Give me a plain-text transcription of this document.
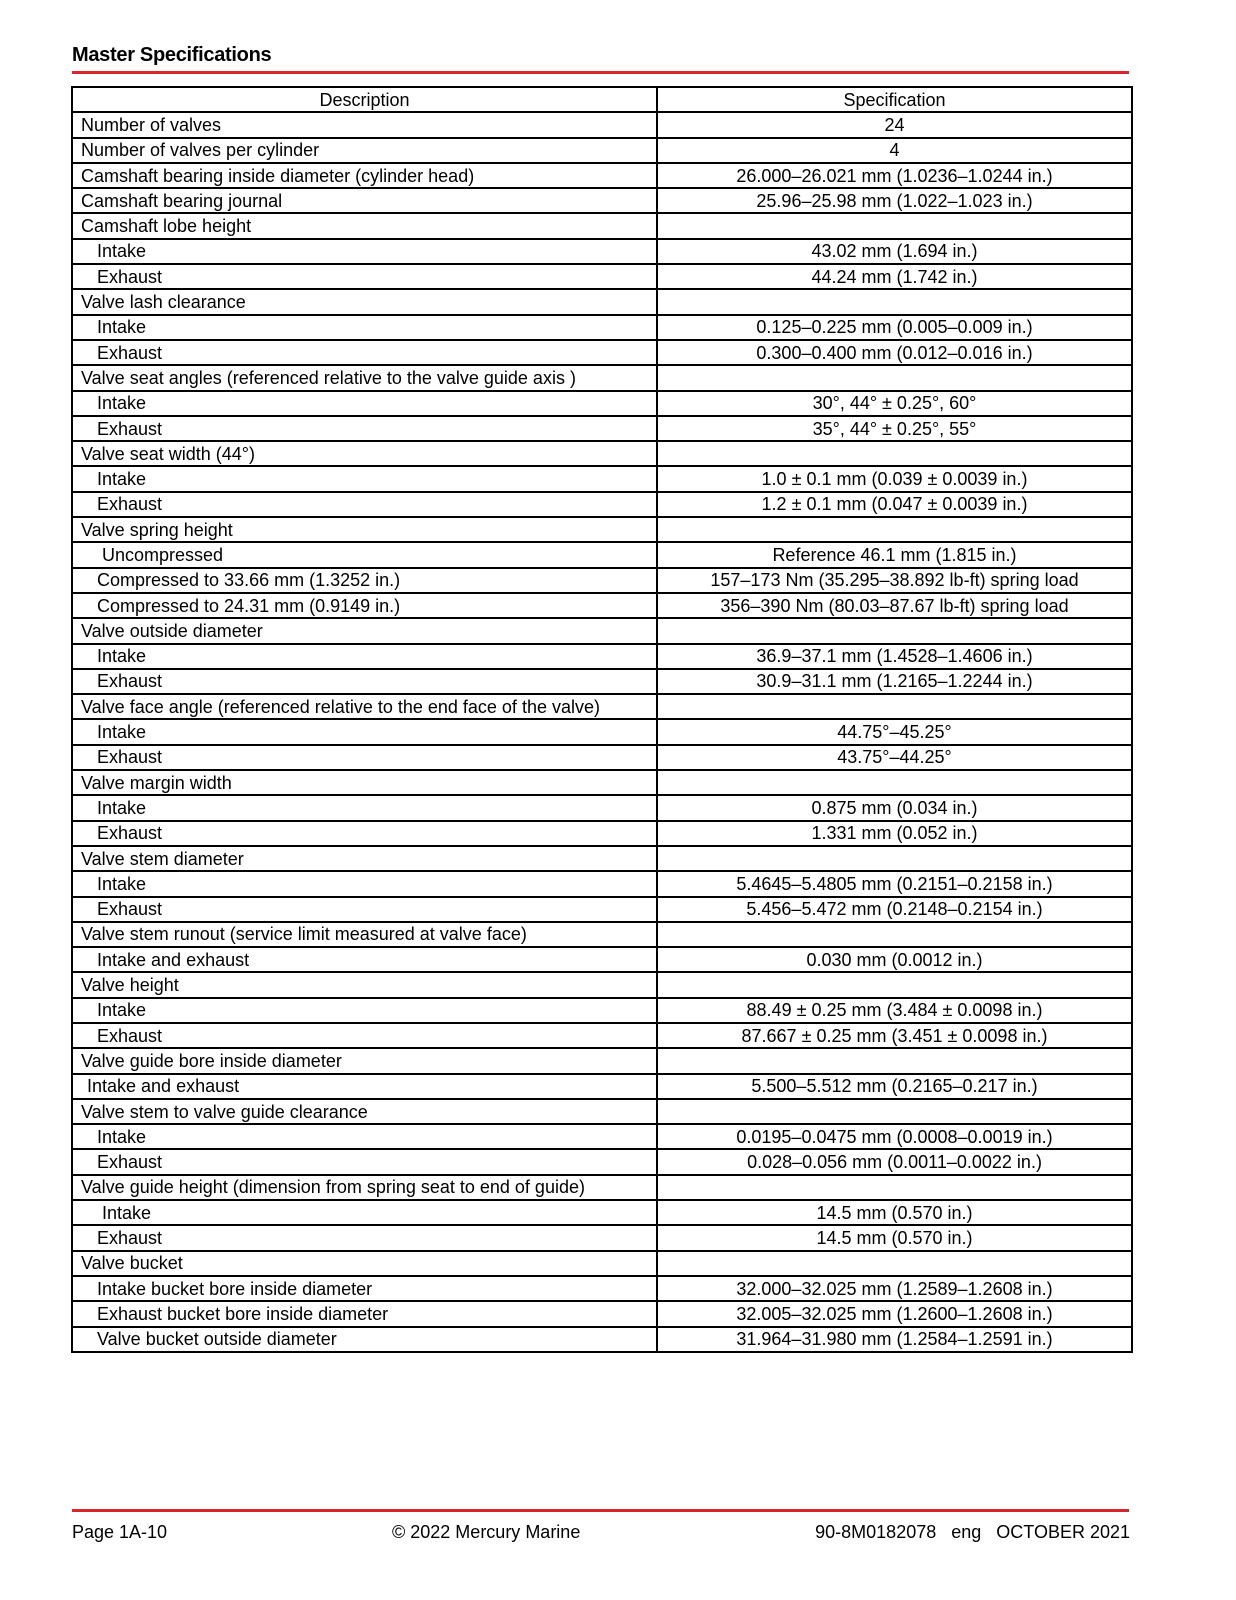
Master Specifications
Description	Specification
Number of valves	24
Number of valves per cylinder	4
Camshaft bearing inside diameter (cylinder head)	26.000–26.021 mm (1.0236–1.0244 in.)
Camshaft bearing journal	25.96–25.98 mm (1.022–1.023 in.)
Camshaft lobe height	
Intake	43.02 mm (1.694 in.)
Exhaust	44.24 mm (1.742 in.)
Valve lash clearance	
Intake	0.125–0.225 mm (0.005–0.009 in.)
Exhaust	0.300–0.400 mm (0.012–0.016 in.)
Valve seat angles (referenced relative to the valve guide axis )	
Intake	30°, 44° ± 0.25°, 60°
Exhaust	35°, 44° ± 0.25°, 55°
Valve seat width (44°)	
Intake	1.0 ± 0.1 mm (0.039 ± 0.0039 in.)
Exhaust	1.2 ± 0.1 mm (0.047 ± 0.0039 in.)
Valve spring height	
Uncompressed	Reference 46.1 mm (1.815 in.)
Compressed to 33.66 mm (1.3252 in.)	157–173 Nm (35.295–38.892 lb-ft) spring load
Compressed to 24.31 mm (0.9149 in.)	356–390 Nm (80.03–87.67 lb-ft) spring load
Valve outside diameter	
Intake	36.9–37.1 mm (1.4528–1.4606 in.)
Exhaust	30.9–31.1 mm (1.2165–1.2244 in.)
Valve face angle (referenced relative to the end face of the valve)	
Intake	44.75°–45.25°
Exhaust	43.75°–44.25°
Valve margin width	
Intake	0.875 mm (0.034 in.)
Exhaust	1.331 mm (0.052 in.)
Valve stem diameter	
Intake	5.4645–5.4805 mm (0.2151–0.2158 in.)
Exhaust	5.456–5.472 mm (0.2148–0.2154 in.)
Valve stem runout (service limit measured at valve face)	
Intake and exhaust	0.030 mm (0.0012 in.)
Valve height	
Intake	88.49 ± 0.25 mm (3.484 ± 0.0098 in.)
Exhaust	87.667 ± 0.25 mm (3.451 ± 0.0098 in.)
Valve guide bore inside diameter	
Intake and exhaust	5.500–5.512 mm (0.2165–0.217 in.)
Valve stem to valve guide clearance	
Intake	0.0195–0.0475 mm (0.0008–0.0019 in.)
Exhaust	0.028–0.056 mm (0.0011–0.0022 in.)
Valve guide height (dimension from spring seat to end of guide)	
Intake	14.5 mm (0.570 in.)
Exhaust	14.5 mm (0.570 in.)
Valve bucket	
Intake bucket bore inside diameter	32.000–32.025 mm (1.2589–1.2608 in.)
Exhaust bucket bore inside diameter	32.005–32.025 mm (1.2600–1.2608 in.)
Valve bucket outside diameter	31.964–31.980 mm (1.2584–1.2591 in.)
Page 1A-10	© 2022 Mercury Marine	90-8M0182078   eng   OCTOBER 2021
